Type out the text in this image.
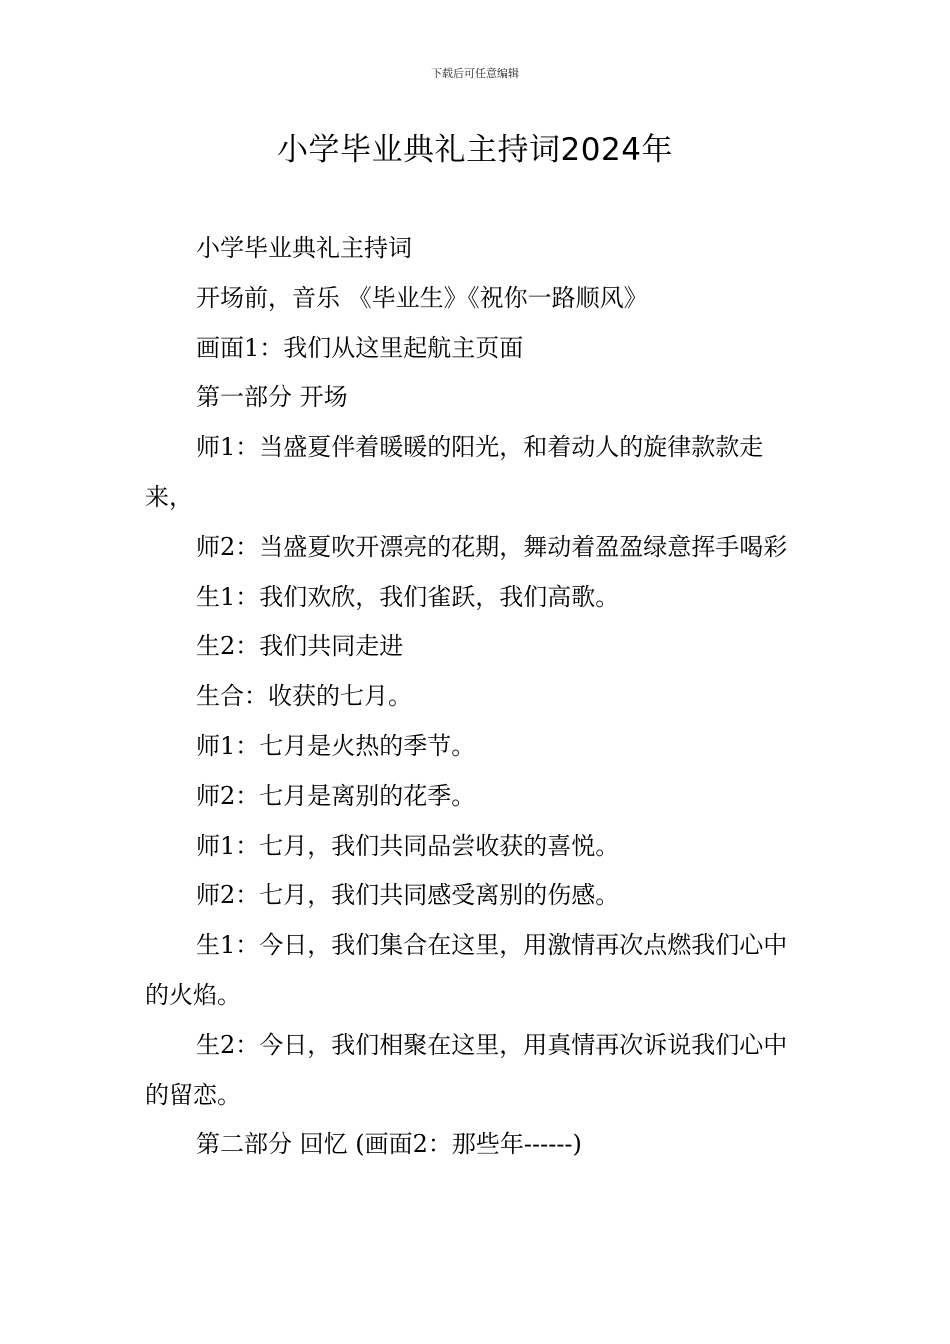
下载后可任意编辑
小学毕业典礼主持词2024年

小学毕业典礼主持词

开场前，音乐 《毕业生》《祝你一路顺风》

画面1：我们从这里起航主页面

第一部分 开场

师1：当盛夏伴着暖暖的阳光，和着动人的旋律款款走来，

师2：当盛夏吹开漂亮的花期，舞动着盈盈绿意挥手喝彩

生1：我们欢欣，我们雀跃，我们高歌。

生2：我们共同走进

生合：收获的七月。

师1：七月是火热的季节。

师2：七月是离别的花季。

师1：七月，我们共同品尝收获的喜悦。

师2：七月，我们共同感受离别的伤感。

生1：今日，我们集合在这里，用激情再次点燃我们心中的火焰。

生2：今日，我们相聚在这里，用真情再次诉说我们心中的留恋。

第二部分 回忆 (画面2：那些年------)
